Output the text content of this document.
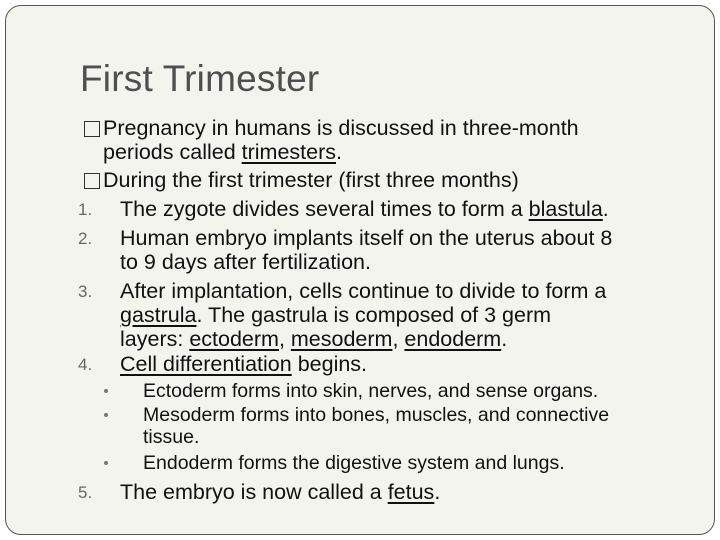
First Trimester
Pregnancy in humans is discussed in three-month
periods called trimesters.
During the first trimester (first three months)
1. The zygote divides several times to form a blastula.
2. Human embryo implants itself on the uterus about 8
to 9 days after fertilization.
3. After implantation, cells continue to divide to form a
gastrula. The gastrula is composed of 3 germ
layers: ectoderm, mesoderm, endoderm.
4. Cell differentiation begins.
Ectoderm forms into skin, nerves, and sense organs.
Mesoderm forms into bones, muscles, and connective
tissue.
Endoderm forms the digestive system and lungs.
5. The embryo is now called a fetus.
